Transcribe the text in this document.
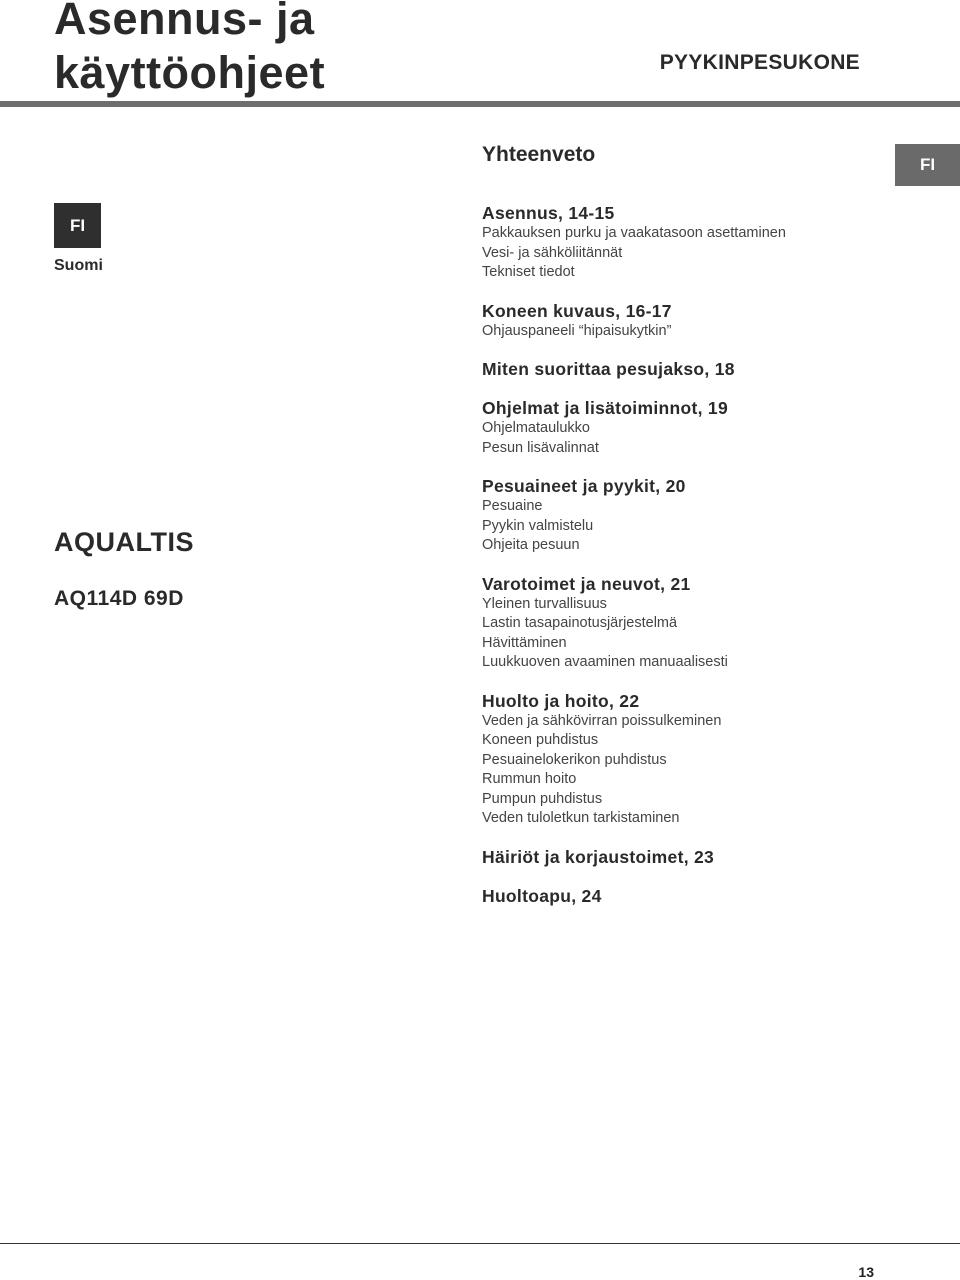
Asennus- ja
käyttöohjeet	PYYKINPESUKONE
FI
FI
Suomi
AQUALTIS
AQ114D 69D
Yhteenveto
Asennus, 14-15
Pakkauksen purku ja vaakatasoon asettaminen
Vesi- ja sähköliitännät
Tekniset tiedot
Koneen kuvaus, 16-17
Ohjauspaneeli “hipaisukytkin”
Miten suorittaa pesujakso, 18
Ohjelmat ja lisätoiminnot, 19
Ohjelmataulukko
Pesun lisävalinnat
Pesuaineet ja pyykit, 20
Pesuaine
Pyykin valmistelu
Ohjeita pesuun
Varotoimet ja neuvot, 21
Yleinen turvallisuus
Lastin tasapainotusjärjestelmä
Hävittäminen
Luukkuoven avaaminen manuaalisesti
Huolto ja hoito, 22
Veden ja sähkövirran poissulkeminen
Koneen puhdistus
Pesuainelokerikon puhdistus
Rummun hoito
Pumpun puhdistus
Veden tuloletkun tarkistaminen
Häiriöt ja korjaustoimet, 23
Huoltoapu, 24
13
